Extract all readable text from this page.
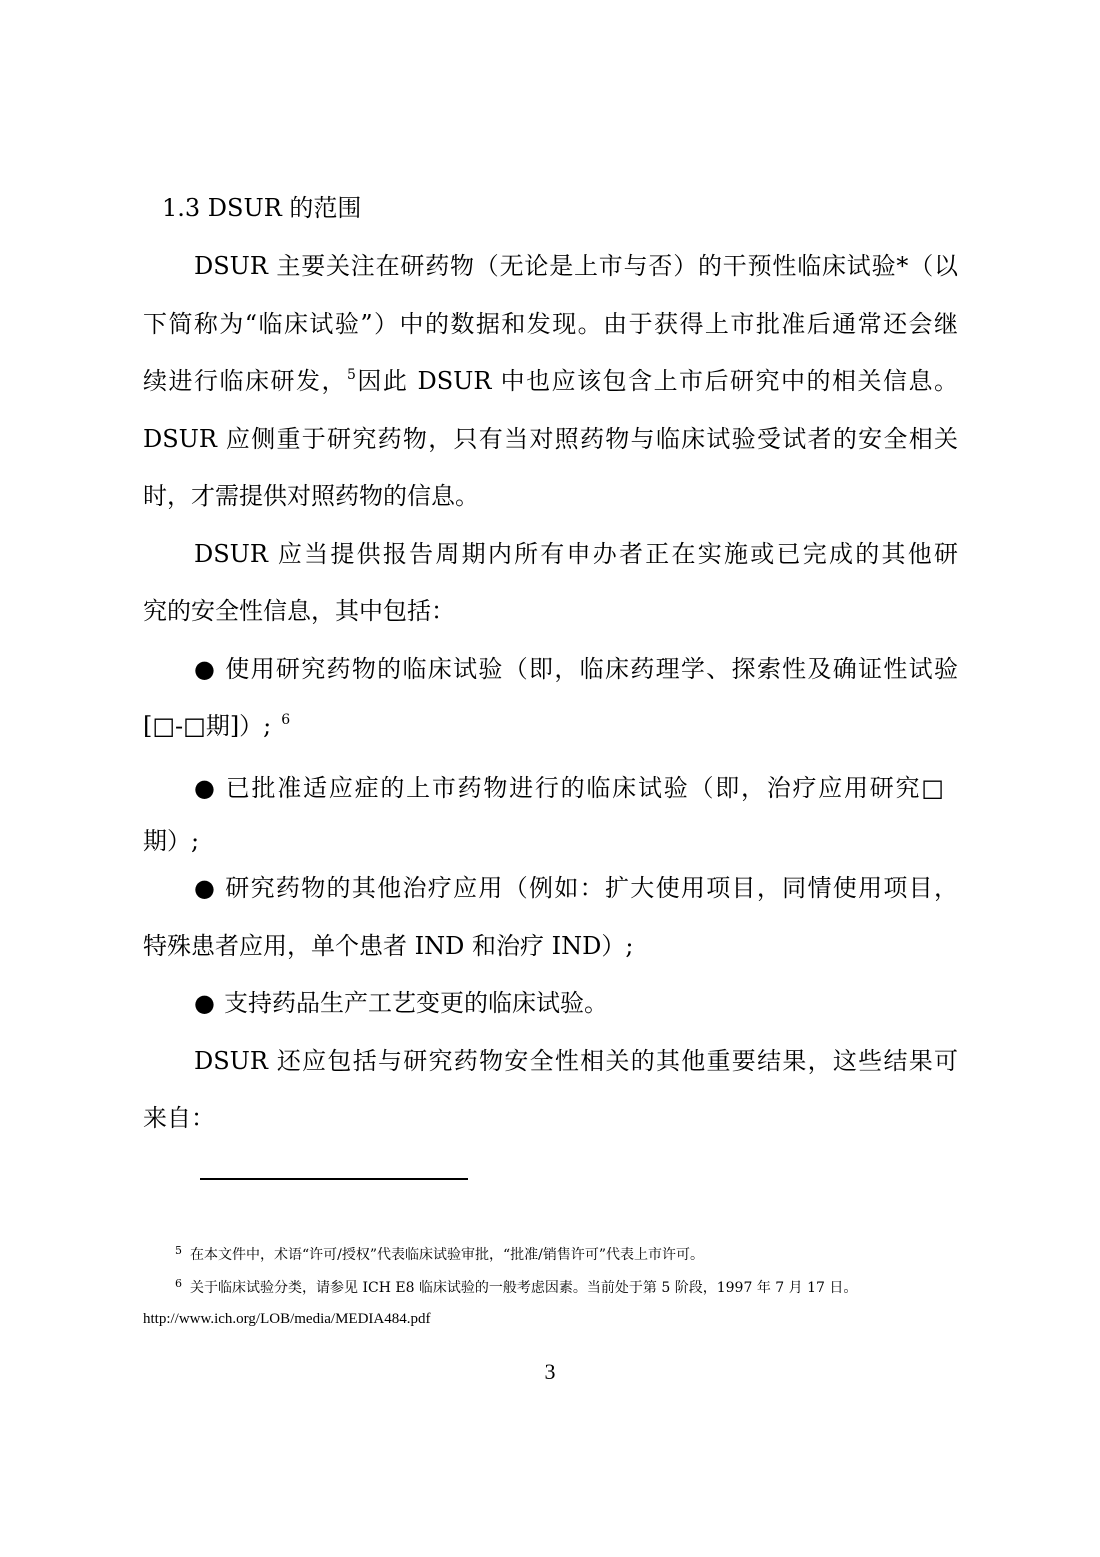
1.3 DSUR 的范围
DSUR 主要关注在研药物（无论是上市与否）的干预性临床试验*（以
下简称为“临床试验”）中的数据和发现。由于获得上市批准后通常还会继
续进行临床研发，$^5$因此 DSUR 中也应该包含上市后研究中的相关信息。
DSUR 应侧重于研究药物，只有当对照药物与临床试验受试者的安全相关
时，才需提供对照药物的信息。
DSUR 应当提供报告周期内所有申办者正在实施或已完成的其他研
究的安全性信息，其中包括：
● 使用研究药物的临床试验（即，临床药理学、探索性及确证性试验
[□-□期]）; $^6$
● 已批准适应症的上市药物进行的临床试验（即，治疗应用研究□
期）;
● 研究药物的其他治疗应用（例如：扩大使用项目，同情使用项目，
特殊患者应用，单个患者 IND 和治疗 IND）;
● 支持药品生产工艺变更的临床试验。
DSUR 还应包括与研究药物安全性相关的其他重要结果，这些结果可
来自：
$^5$ 在本文件中，术语“许可/授权”代表临床试验审批，“批准/销售许可”代表上市许可。
$^6$ 关于临床试验分类，请参见 ICH E8 临床试验的一般考虑因素。当前处于第 5 阶段，1997 年 7 月 17 日。
http://www.ich.org/LOB/media/MEDIA484.pdf
3
